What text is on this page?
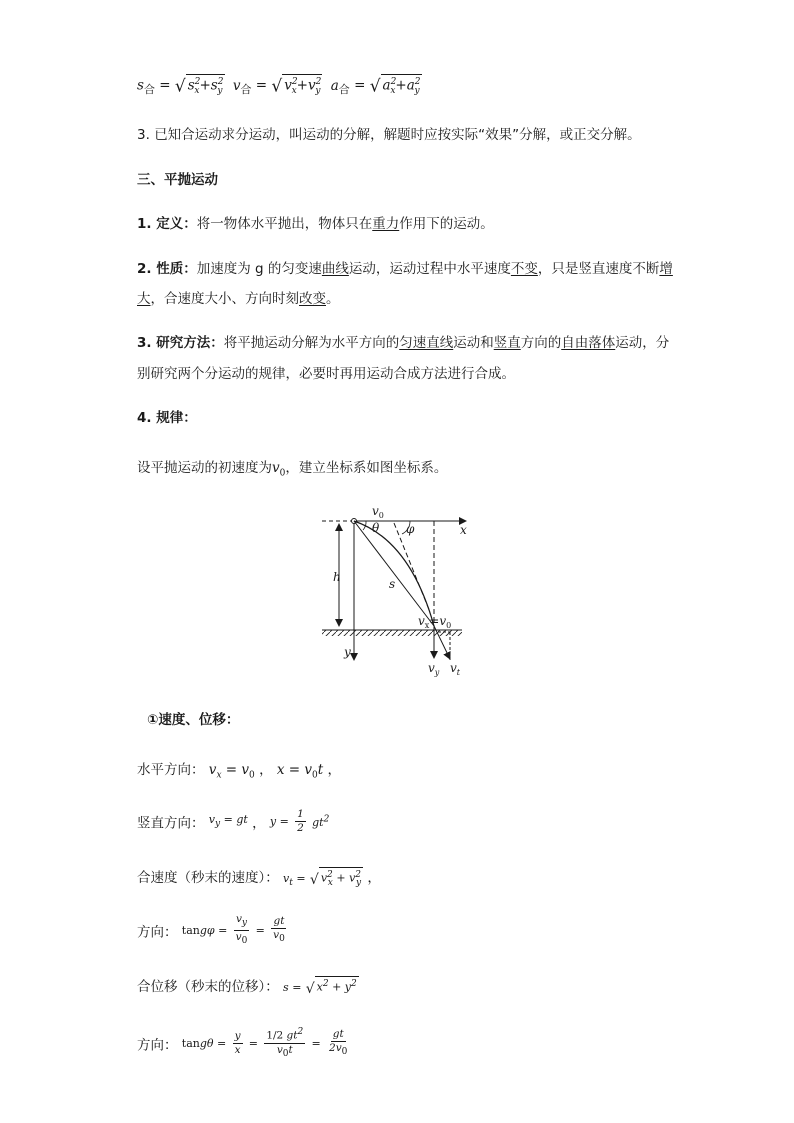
$s_合$ = √ $s^2_x+s^2_y$ $v_合$ = √ $v^2_x+v^2_y$ $a_合$ = √ $a^2_x+a^2_y$
3. 已知合运动求分运动，叫运动的分解，解题时应按实际“效果”分解，或正交分解。
三、平抛运动
1. 定义：将一物体水平抛出，物体只在重力作用下的运动。
2. 性质：加速度为 g 的匀变速曲线运动，运动过程中水平速度不变，只是竖直速度不断增
大，合速度大小、方向时刻改变。
3. 研究方法：将平抛运动分解为水平方向的匀速直线运动和竖直方向的自由落体运动，分
别研究两个分运动的规律，必要时再用运动合成方法进行合成。
4. 规律：
设平抛运动的初速度为$v_0$，建立坐标系如图坐标系。
$v_0$
θ φ	x
y
h	s
$v_x=v_0$
$v_y$ $v_t$
①速度、位移：
水平方向： $v_x = v_0$ ， $x = v_0t$ ，
竖直方向： $v_y$ = gt ， $y = \frac{1}{2} gt^2$
合速度（秒末的速度）： $v_t$ = √ $v^2_x + v^2_y$ ，
方向： $\tan g\varphi = \frac{v_y}{v_0} = \frac{gt}{v_0}$
合位移（秒末的位移）： s = √ $x^2 + y^2$
方向： $\tan g\theta = \frac{y}{x} = \frac{1/2 gt^2}{v_0t} = \frac{gt}{2v_0}$
